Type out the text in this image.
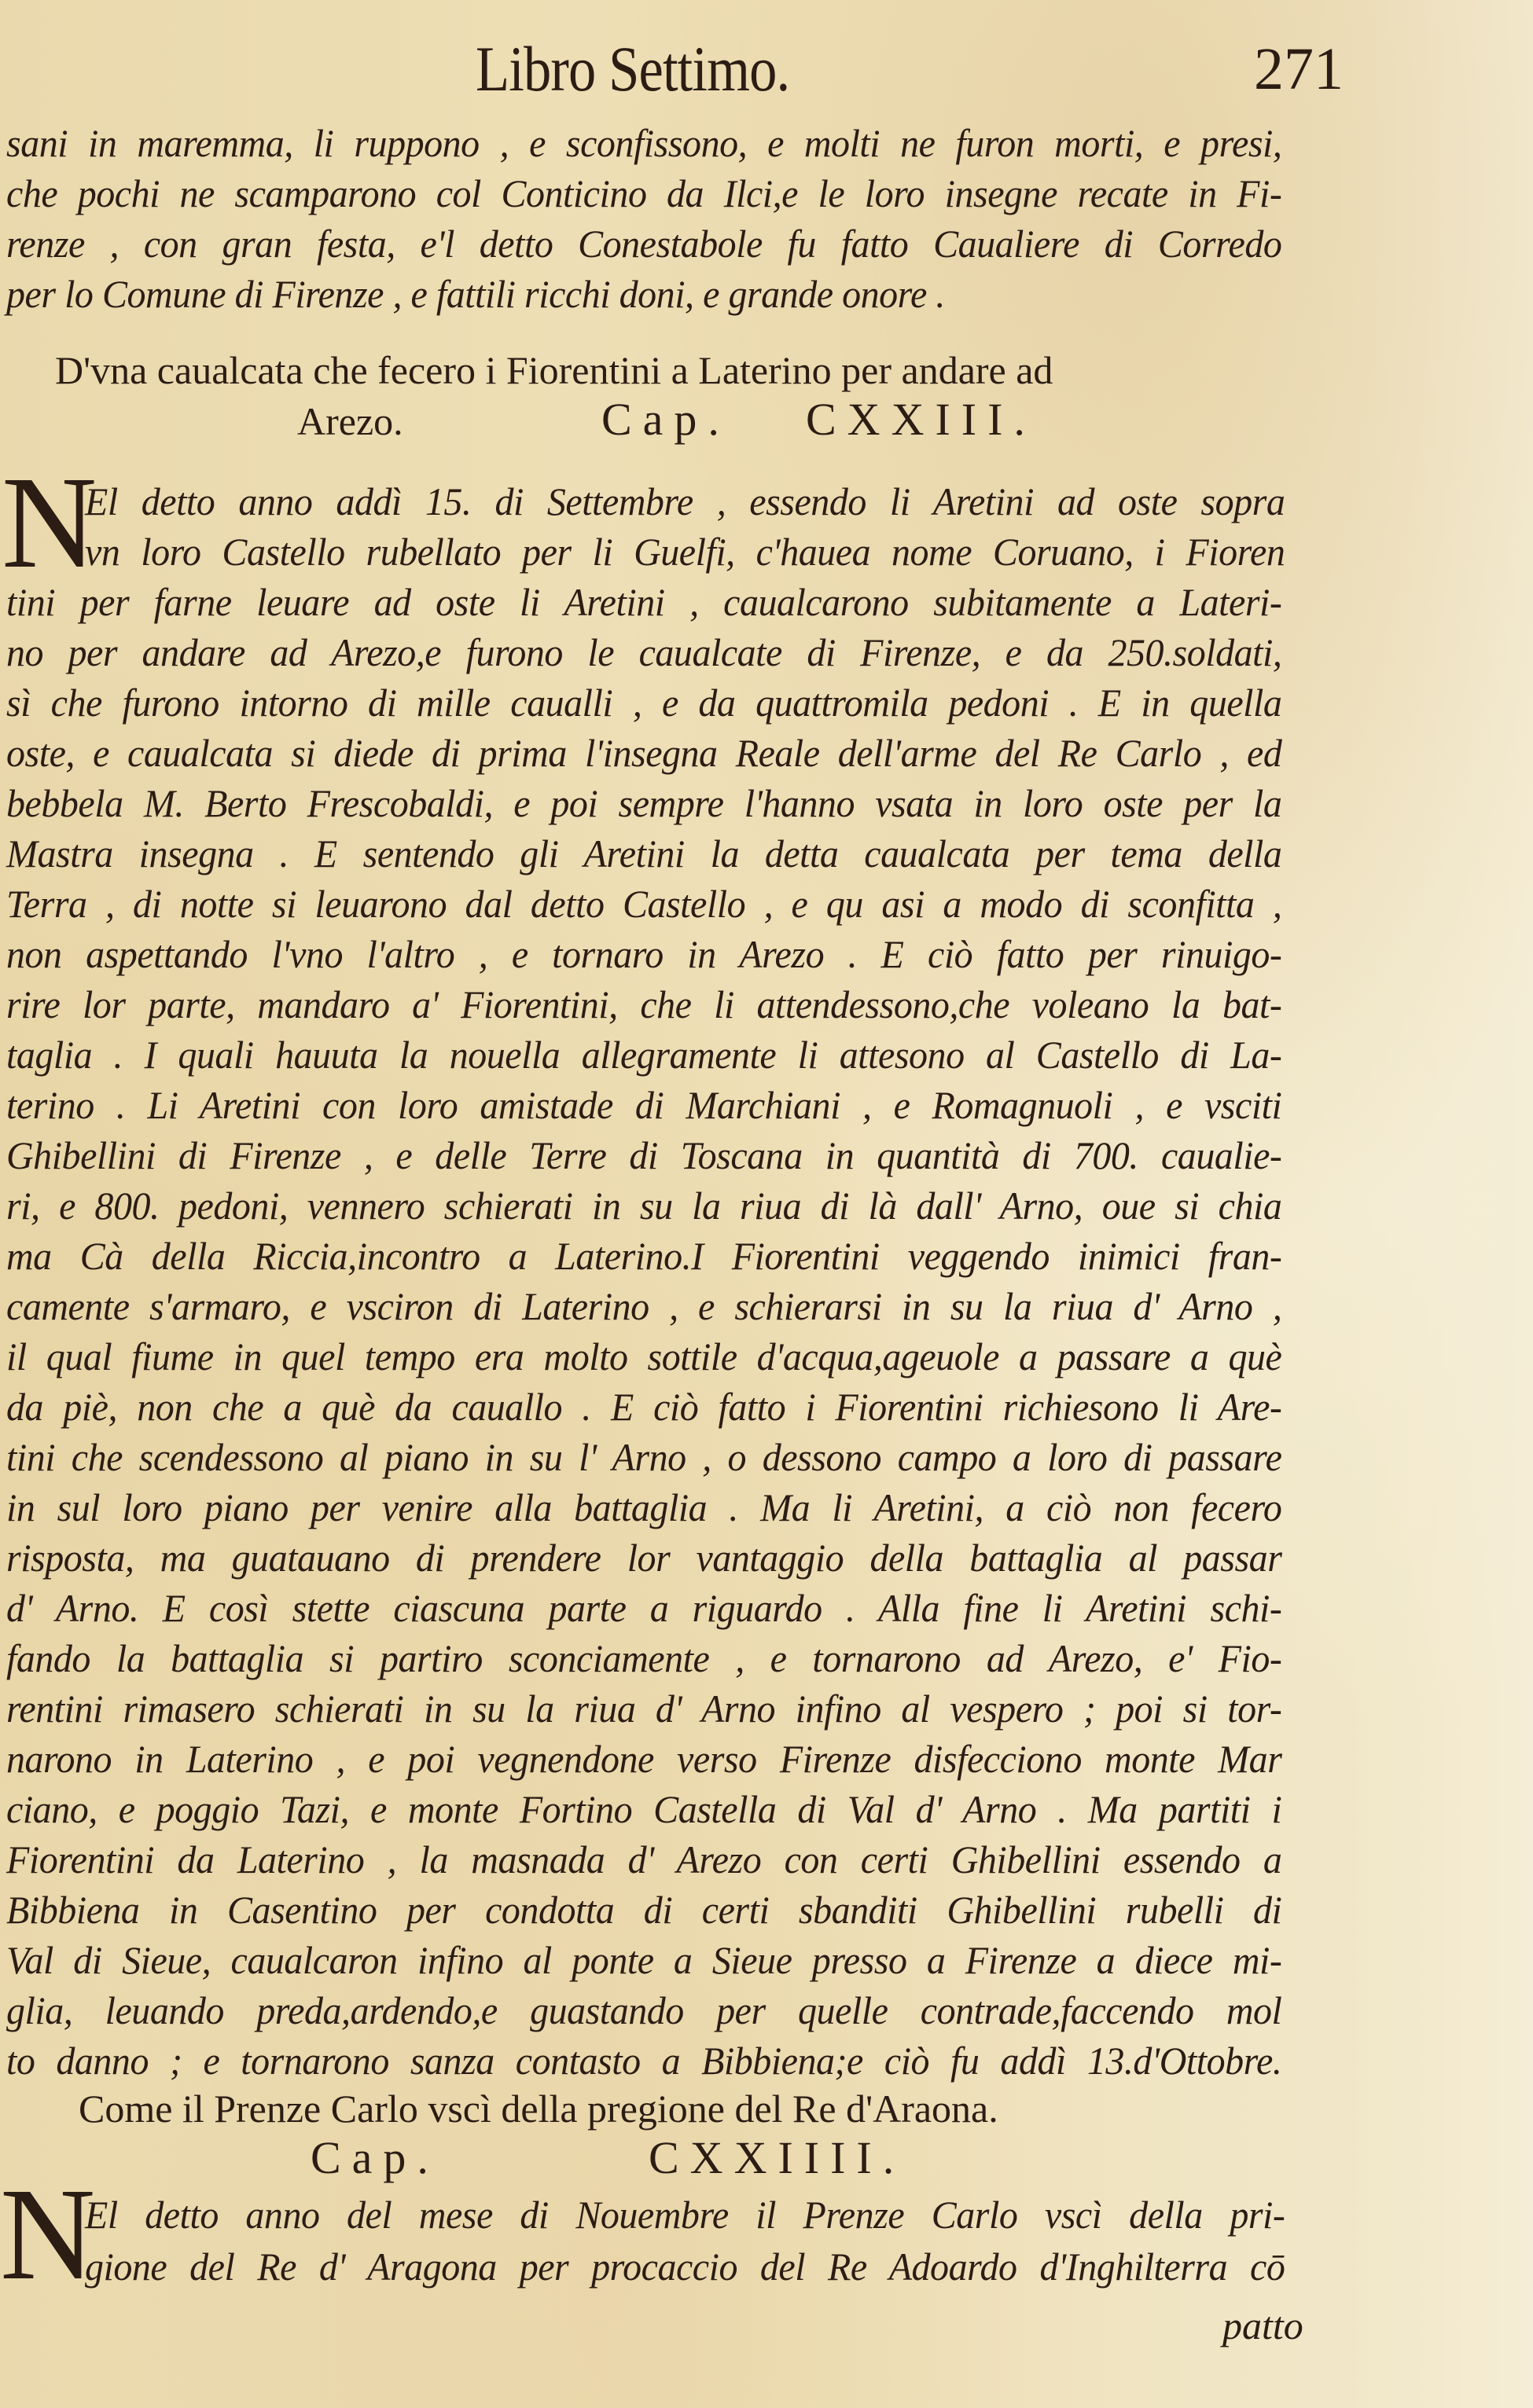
Libro Settimo.	271
sani in maremma, li ruppono , e sconfissono, e molti ne furon morti, e presi,
che pochi ne scamparono col Conticino da Ilci,e le loro insegne recate in Fi-
renze , con gran festa, e'l detto Conestabole fu fatto Caualiere di Corredo
per lo Comune di Firenze , e fattili ricchi doni, e grande onore .
D'vna caualcata che fecero i Fiorentini a Laterino per andare ad
Arezo.	Cap. CXXIII.
N
El detto anno addì 15. di Settembre , essendo li Aretini ad oste sopra
vn loro Castello rubellato per li Guelfi, c'hauea nome Coruano, i Fioren
tini per farne leuare ad oste li Aretini , caualcarono subitamente a Lateri-
no per andare ad Arezo,e furono le caualcate di Firenze, e da 250.soldati,
sì che furono intorno di mille caualli , e da quattromila pedoni . E in quella
oste, e caualcata si diede di prima l'insegna Reale dell'arme del Re Carlo , ed
bebbela M. Berto Frescobaldi, e poi sempre l'hanno vsata in loro oste per la
Mastra insegna . E sentendo gli Aretini la detta caualcata per tema della
Terra , di notte si leuarono dal detto Castello , e qu asi a modo di sconfitta ,
non aspettando l'vno l'altro , e tornaro in Arezo . E ciò fatto per rinuigo-
rire lor parte, mandaro a' Fiorentini, che li attendessono,che voleano la bat-
taglia . I quali hauuta la nouella allegramente li attesono al Castello di La-
terino . Li Aretini con loro amistade di Marchiani , e Romagnuoli , e vsciti
Ghibellini di Firenze , e delle Terre di Toscana in quantità di 700. caualie-
ri, e 800. pedoni, vennero schierati in su la riua di là dall' Arno, oue si chia
ma Cà della Riccia,incontro a Laterino.I Fiorentini veggendo inimici fran-
camente s'armaro, e vsciron di Laterino , e schierarsi in su la riua d' Arno ,
il qual fiume in quel tempo era molto sottile d'acqua,ageuole a passare a què
da piè, non che a què da cauallo . E ciò fatto i Fiorentini richiesono li Are-
tini che scendessono al piano in su l' Arno , o dessono campo a loro di passare
in sul loro piano per venire alla battaglia . Ma li Aretini, a ciò non fecero
risposta, ma guatauano di prendere lor vantaggio della battaglia al passar
d' Arno. E così stette ciascuna parte a riguardo . Alla fine li Aretini schi-
fando la battaglia si partiro sconciamente , e tornarono ad Arezo, e' Fio-
rentini rimasero schierati in su la riua d' Arno infino al vespero ; poi si tor-
narono in Laterino , e poi vegnendone verso Firenze disfecciono monte Mar
ciano, e poggio Tazi, e monte Fortino Castella di Val d' Arno . Ma partiti i
Fiorentini da Laterino , la masnada d' Arezo con certi Ghibellini essendo a
Bibbiena in Casentino per condotta di certi sbanditi Ghibellini rubelli di
Val di Sieue, caualcaron infino al ponte a Sieue presso a Firenze a diece mi-
glia, leuando preda,ardendo,e guastando per quelle contrade,faccendo mol
to danno ; e tornarono sanza contasto a Bibbiena;e ciò fu addì 13.d'Ottobre.
Come il Prenze Carlo vscì della pregione del Re d'Araona.
Cap.	CXXIIII.
N
El detto anno del mese di Nouembre il Prenze Carlo vscì della pri-
gione del Re d' Aragona per procaccio del Re Adoardo d'Inghilterra cō
patto
